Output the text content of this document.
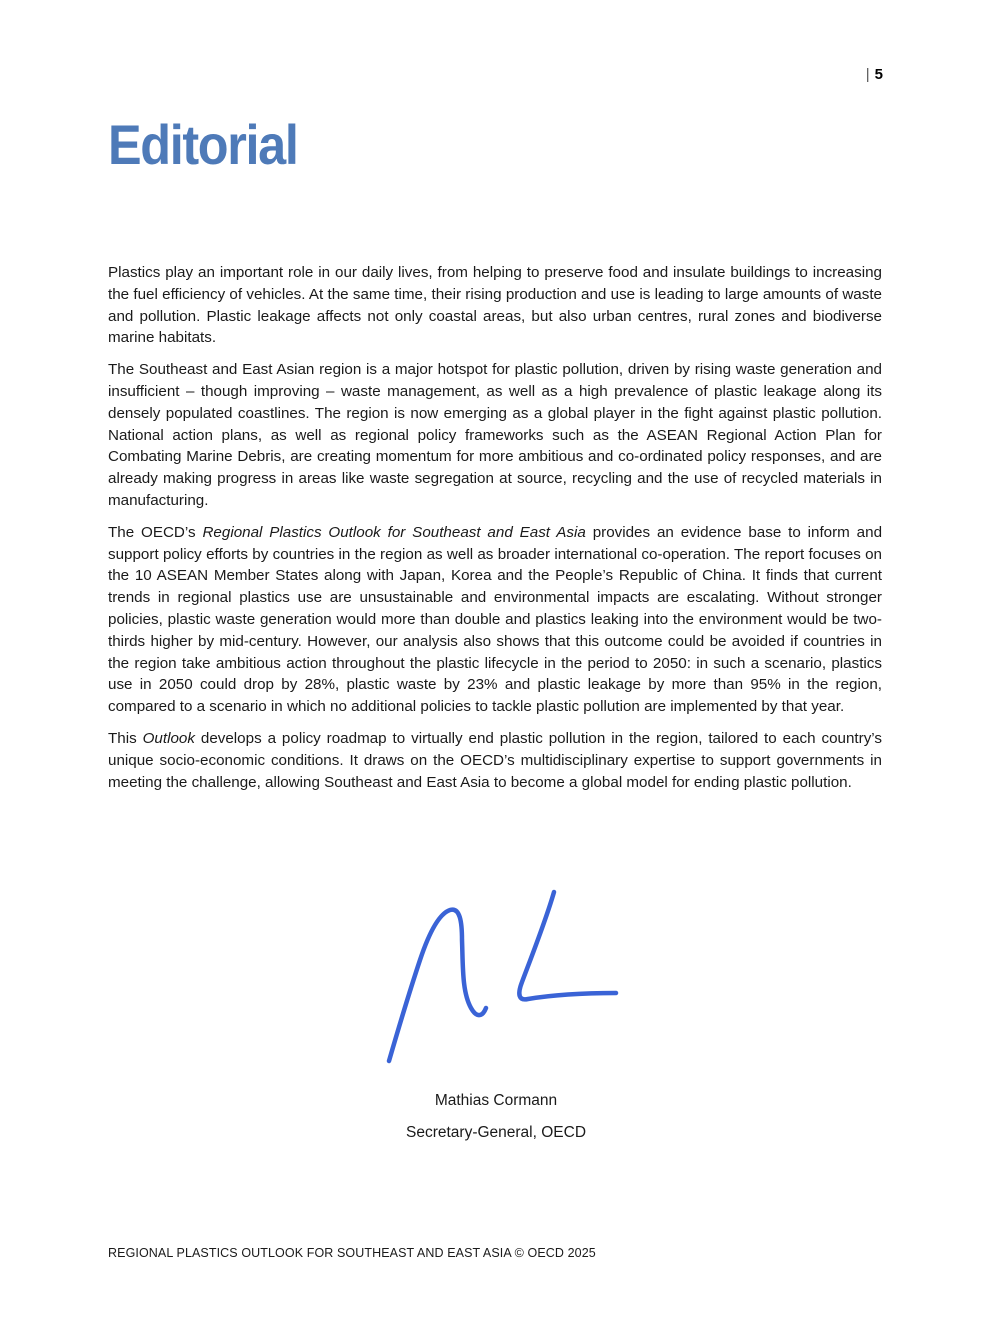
| 5
Editorial

Plastics play an important role in our daily lives, from helping to preserve food and insulate buildings to increasing the fuel efficiency of vehicles. At the same time, their rising production and use is leading to large amounts of waste and pollution. Plastic leakage affects not only coastal areas, but also urban centres, rural zones and biodiverse marine habitats.

The Southeast and East Asian region is a major hotspot for plastic pollution, driven by rising waste generation and insufficient – though improving – waste management, as well as a high prevalence of plastic leakage along its densely populated coastlines. The region is now emerging as a global player in the fight against plastic pollution. National action plans, as well as regional policy frameworks such as the ASEAN Regional Action Plan for Combating Marine Debris, are creating momentum for more ambitious and co-ordinated policy responses, and are already making progress in areas like waste segregation at source, recycling and the use of recycled materials in manufacturing.

The OECD’s Regional Plastics Outlook for Southeast and East Asia provides an evidence base to inform and support policy efforts by countries in the region as well as broader international co-operation. The report focuses on the 10 ASEAN Member States along with Japan, Korea and the People’s Republic of China. It finds that current trends in regional plastics use are unsustainable and environmental impacts are escalating. Without stronger policies, plastic waste generation would more than double and plastics leaking into the environment would be two-thirds higher by mid-century. However, our analysis also shows that this outcome could be avoided if countries in the region take ambitious action throughout the plastic lifecycle in the period to 2050: in such a scenario, plastics use in 2050 could drop by 28%, plastic waste by 23% and plastic leakage by more than 95% in the region, compared to a scenario in which no additional policies to tackle plastic pollution are implemented by that year.

This Outlook develops a policy roadmap to virtually end plastic pollution in the region, tailored to each country’s unique socio-economic conditions. It draws on the OECD’s multidisciplinary expertise to support governments in meeting the challenge, allowing Southeast and East Asia to become a global model for ending plastic pollution.

Mathias Cormann
Secretary-General, OECD
REGIONAL PLASTICS OUTLOOK FOR SOUTHEAST AND EAST ASIA © OECD 2025
